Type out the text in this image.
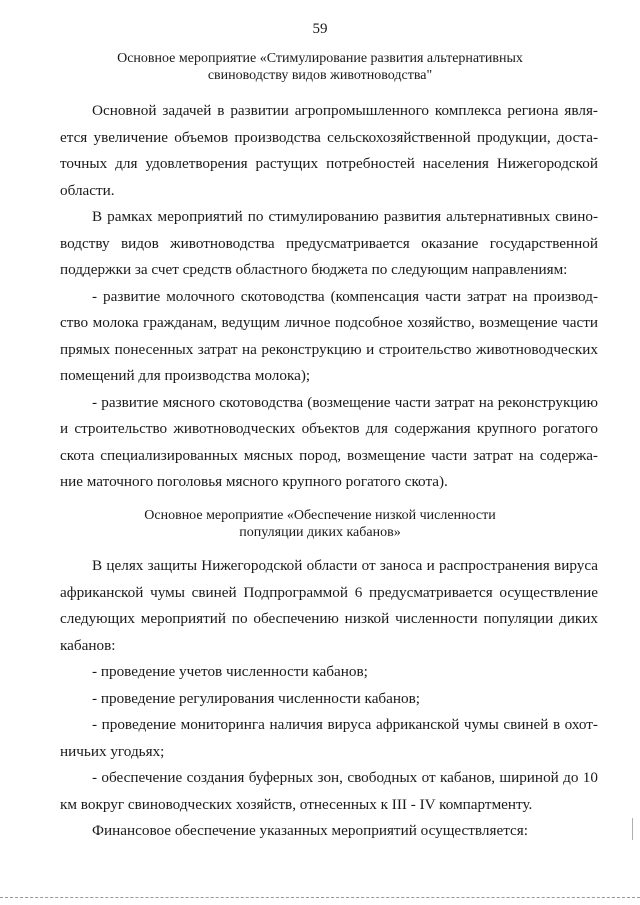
59
Основное мероприятие «Стимулирование развития альтернативных
свиноводству видов животноводства"
Основной задачей в развитии агропромышленного комплекса региона явля-
ется увеличение объемов производства сельскохозяйственной продукции, доста-
точных для удовлетворения растущих потребностей населения Нижегородской
области.
В рамках мероприятий по стимулированию развития альтернативных свино-
водству видов животноводства предусматривается оказание государственной
поддержки за счет средств областного бюджета по следующим направлениям:
- развитие молочного скотоводства (компенсация части затрат на производ-
ство молока гражданам, ведущим личное подсобное хозяйство, возмещение части
прямых понесенных затрат на реконструкцию и строительство животноводческих
помещений для производства молока);
- развитие мясного скотоводства (возмещение части затрат на реконструкцию
и строительство животноводческих объектов для содержания крупного рогатого
скота специализированных мясных пород, возмещение части затрат на содержа-
ние маточного поголовья мясного крупного рогатого скота).
Основное мероприятие «Обеспечение низкой численности
популяции диких кабанов»
В целях защиты Нижегородской области от заноса и распространения вируса
африканской чумы свиней Подпрограммой 6 предусматривается осуществление
следующих мероприятий по обеспечению низкой численности популяции диких
кабанов:
- проведение учетов численности кабанов;
- проведение регулирования численности кабанов;
- проведение мониторинга наличия вируса африканской чумы свиней в охот-
ничьих угодьях;
- обеспечение создания буферных зон, свободных от кабанов, шириной до 10
км вокруг свиноводческих хозяйств, отнесенных к III - IV компартменту.
Финансовое обеспечение указанных мероприятий осуществляется:
